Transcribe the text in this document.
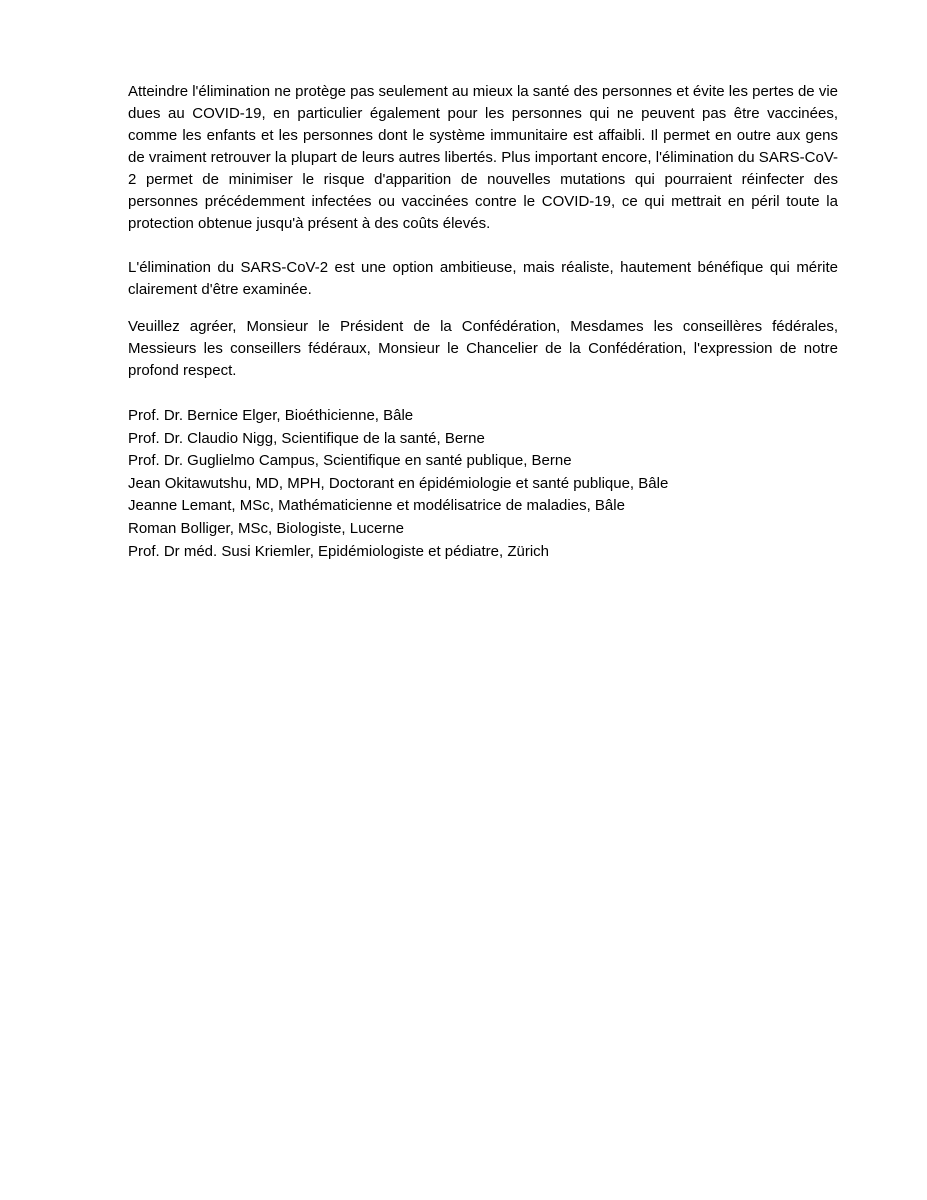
Atteindre l'élimination ne protège pas seulement au mieux la santé des personnes et évite les pertes de vie dues au COVID-19, en particulier également pour les personnes qui ne peuvent pas être vaccinées, comme les enfants et les personnes dont le système immunitaire est affaibli. Il permet en outre aux gens de vraiment retrouver la plupart de leurs autres libertés. Plus important encore, l'élimination du SARS-CoV-2 permet de minimiser le risque d'apparition de nouvelles mutations qui pourraient réinfecter des personnes précédemment infectées ou vaccinées contre le COVID-19, ce qui mettrait en péril toute la protection obtenue jusqu'à présent à des coûts élevés.

L'élimination du SARS-CoV-2 est une option ambitieuse, mais réaliste, hautement bénéfique qui mérite clairement d'être examinée.

Veuillez agréer, Monsieur le Président de la Confédération, Mesdames les conseillères fédérales, Messieurs les conseillers fédéraux, Monsieur le Chancelier de la Confédération, l'expression de notre profond respect.

Prof. Dr. Bernice Elger, Bioéthicienne, Bâle
Prof. Dr. Claudio Nigg, Scientifique de la santé, Berne
Prof. Dr. Guglielmo Campus, Scientifique en santé publique, Berne
Jean Okitawutshu, MD, MPH, Doctorant en épidémiologie et santé publique, Bâle
Jeanne Lemant, MSc, Mathématicienne et modélisatrice de maladies, Bâle
Roman Bolliger, MSc, Biologiste, Lucerne
Prof. Dr méd. Susi Kriemler, Epidémiologiste et pédiatre, Zürich
